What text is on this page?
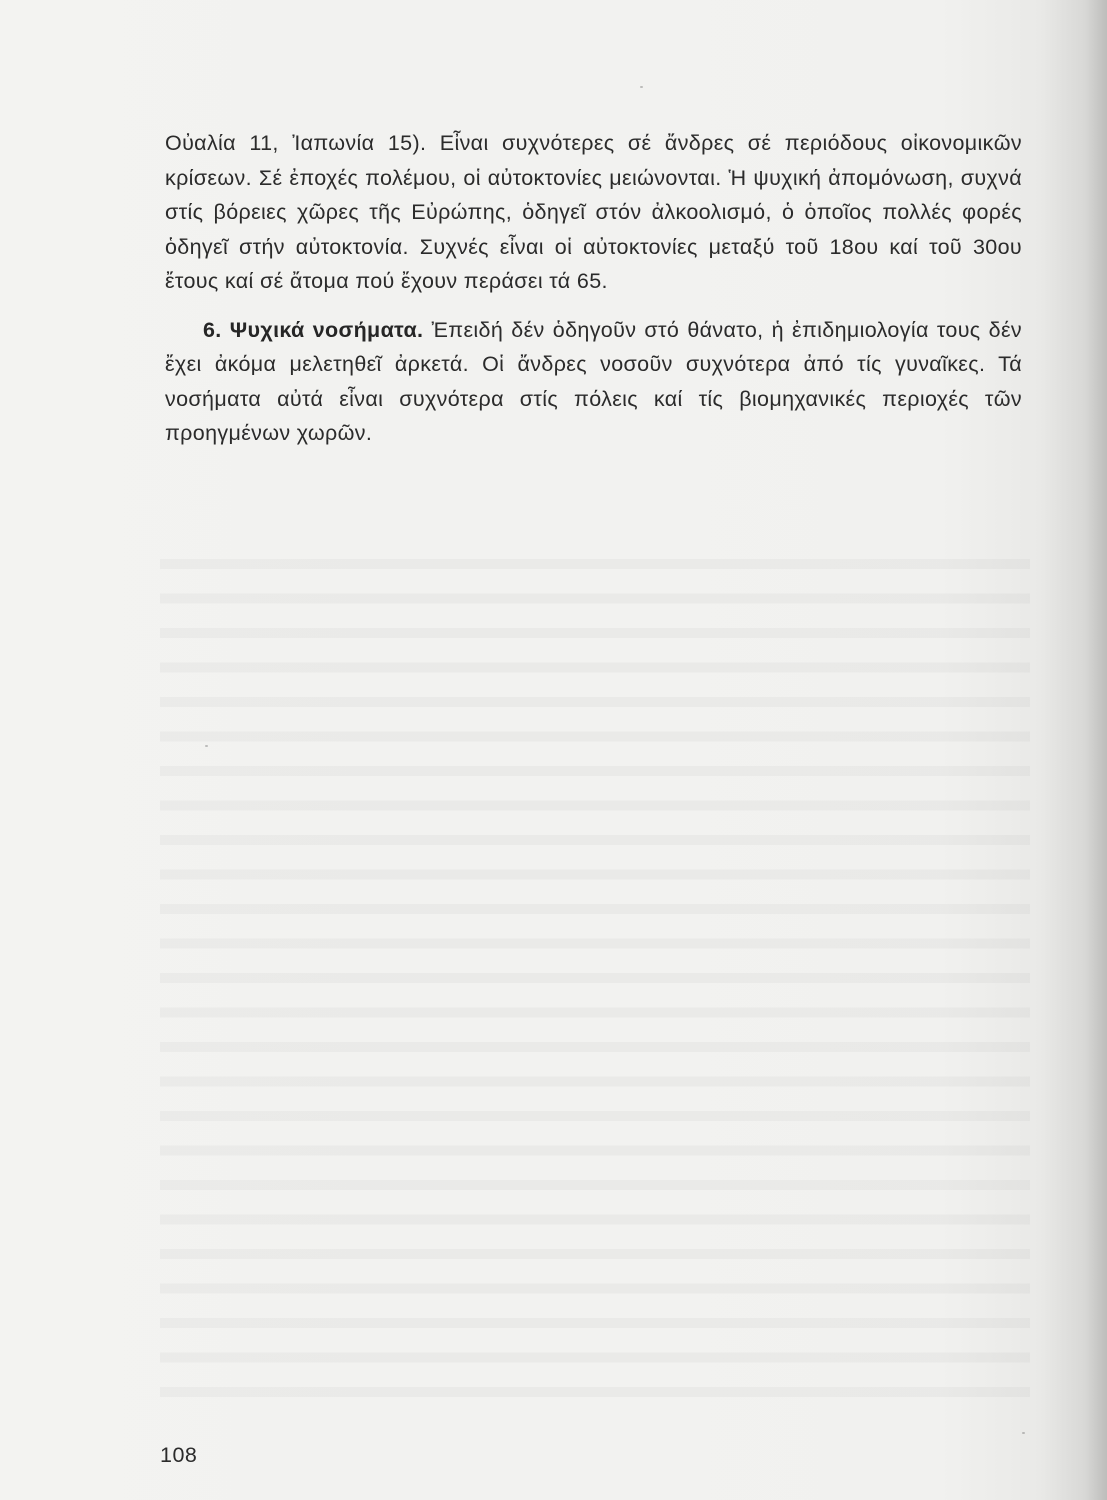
Οὐαλία 11, Ἰαπωνία 15). Εἶναι συχνότερες σέ ἄνδρες σέ περιόδους οἰκονομικῶν κρίσεων. Σέ ἐποχές πολέμου, οἱ αὐτοκτονίες μειώνονται. Ἡ ψυχική ἀπομόνωση, συχνά στίς βόρειες χῶρες τῆς Εὐρώπης, ὁδηγεῖ στόν ἀλκοολισμό, ὁ ὁποῖος πολλές φορές ὁδηγεῖ στήν αὐτοκτονία. Συχνές εἶναι οἱ αὐτοκτονίες μεταξύ τοῦ 18ου καί τοῦ 30ου ἔτους καί σέ ἄτομα πού ἔχουν περάσει τά 65.

6. Ψυχικά νοσήματα. Ἐπειδή δέν ὁδηγοῦν στό θάνατο, ἡ ἐπιδημιολογία τους δέν ἔχει ἀκόμα μελετηθεῖ ἀρκετά. Οἱ ἄνδρες νοσοῦν συχνότερα ἀπό τίς γυναῖκες. Τά νοσήματα αὐτά εἶναι συχνότερα στίς πόλεις καί τίς βιομηχανικές περιοχές τῶν προηγμένων χωρῶν.

108
